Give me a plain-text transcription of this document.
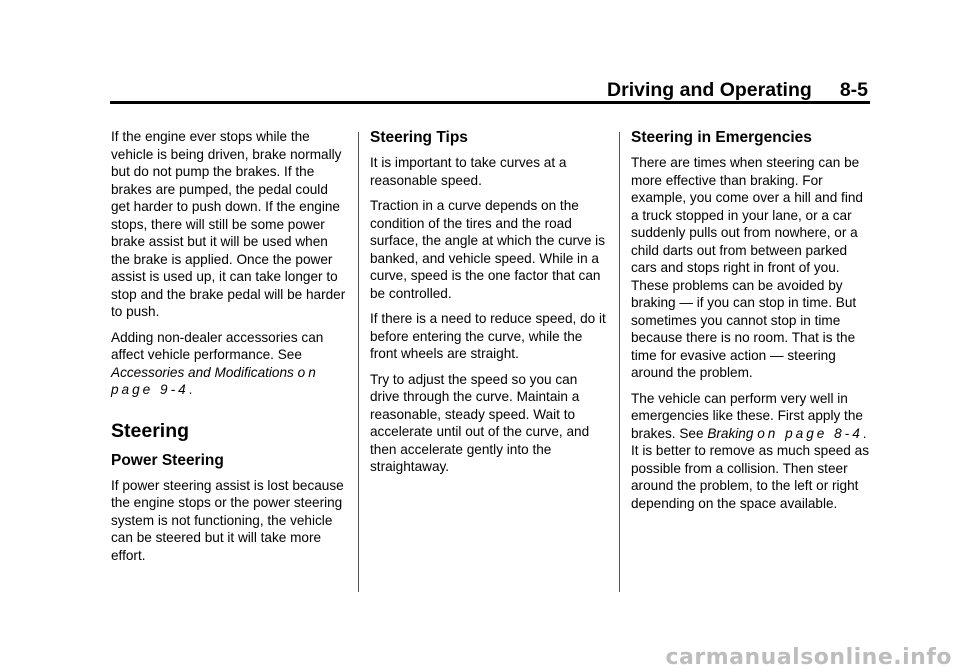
Driving and Operating 8-5

If the engine ever stops while the vehicle is being driven, brake normally but do not pump the brakes. If the brakes are pumped, the pedal could get harder to push down. If the engine stops, there will still be some power brake assist but it will be used when the brake is applied. Once the power assist is used up, it can take longer to stop and the brake pedal will be harder to push.

Adding non-dealer accessories can affect vehicle performance. See Accessories and Modifications on page 9-4.

Steering
Power Steering

If power steering assist is lost because the engine stops or the power steering system is not functioning, the vehicle can be steered but it will take more effort.

Steering Tips

It is important to take curves at a reasonable speed.

Traction in a curve depends on the condition of the tires and the road surface, the angle at which the curve is banked, and vehicle speed. While in a curve, speed is the one factor that can be controlled.

If there is a need to reduce speed, do it before entering the curve, while the front wheels are straight.

Try to adjust the speed so you can drive through the curve. Maintain a reasonable, steady speed. Wait to accelerate until out of the curve, and then accelerate gently into the straightaway.

Steering in Emergencies

There are times when steering can be more effective than braking. For example, you come over a hill and find a truck stopped in your lane, or a car suddenly pulls out from nowhere, or a child darts out from between parked cars and stops right in front of you. These problems can be avoided by braking — if you can stop in time. But sometimes you cannot stop in time because there is no room. That is the time for evasive action — steering around the problem.

The vehicle can perform very well in emergencies like these. First apply the brakes. See Braking on page 8-4. It is better to remove as much speed as possible from a collision. Then steer around the problem, to the left or right depending on the space available.

carmanualsonline.info
